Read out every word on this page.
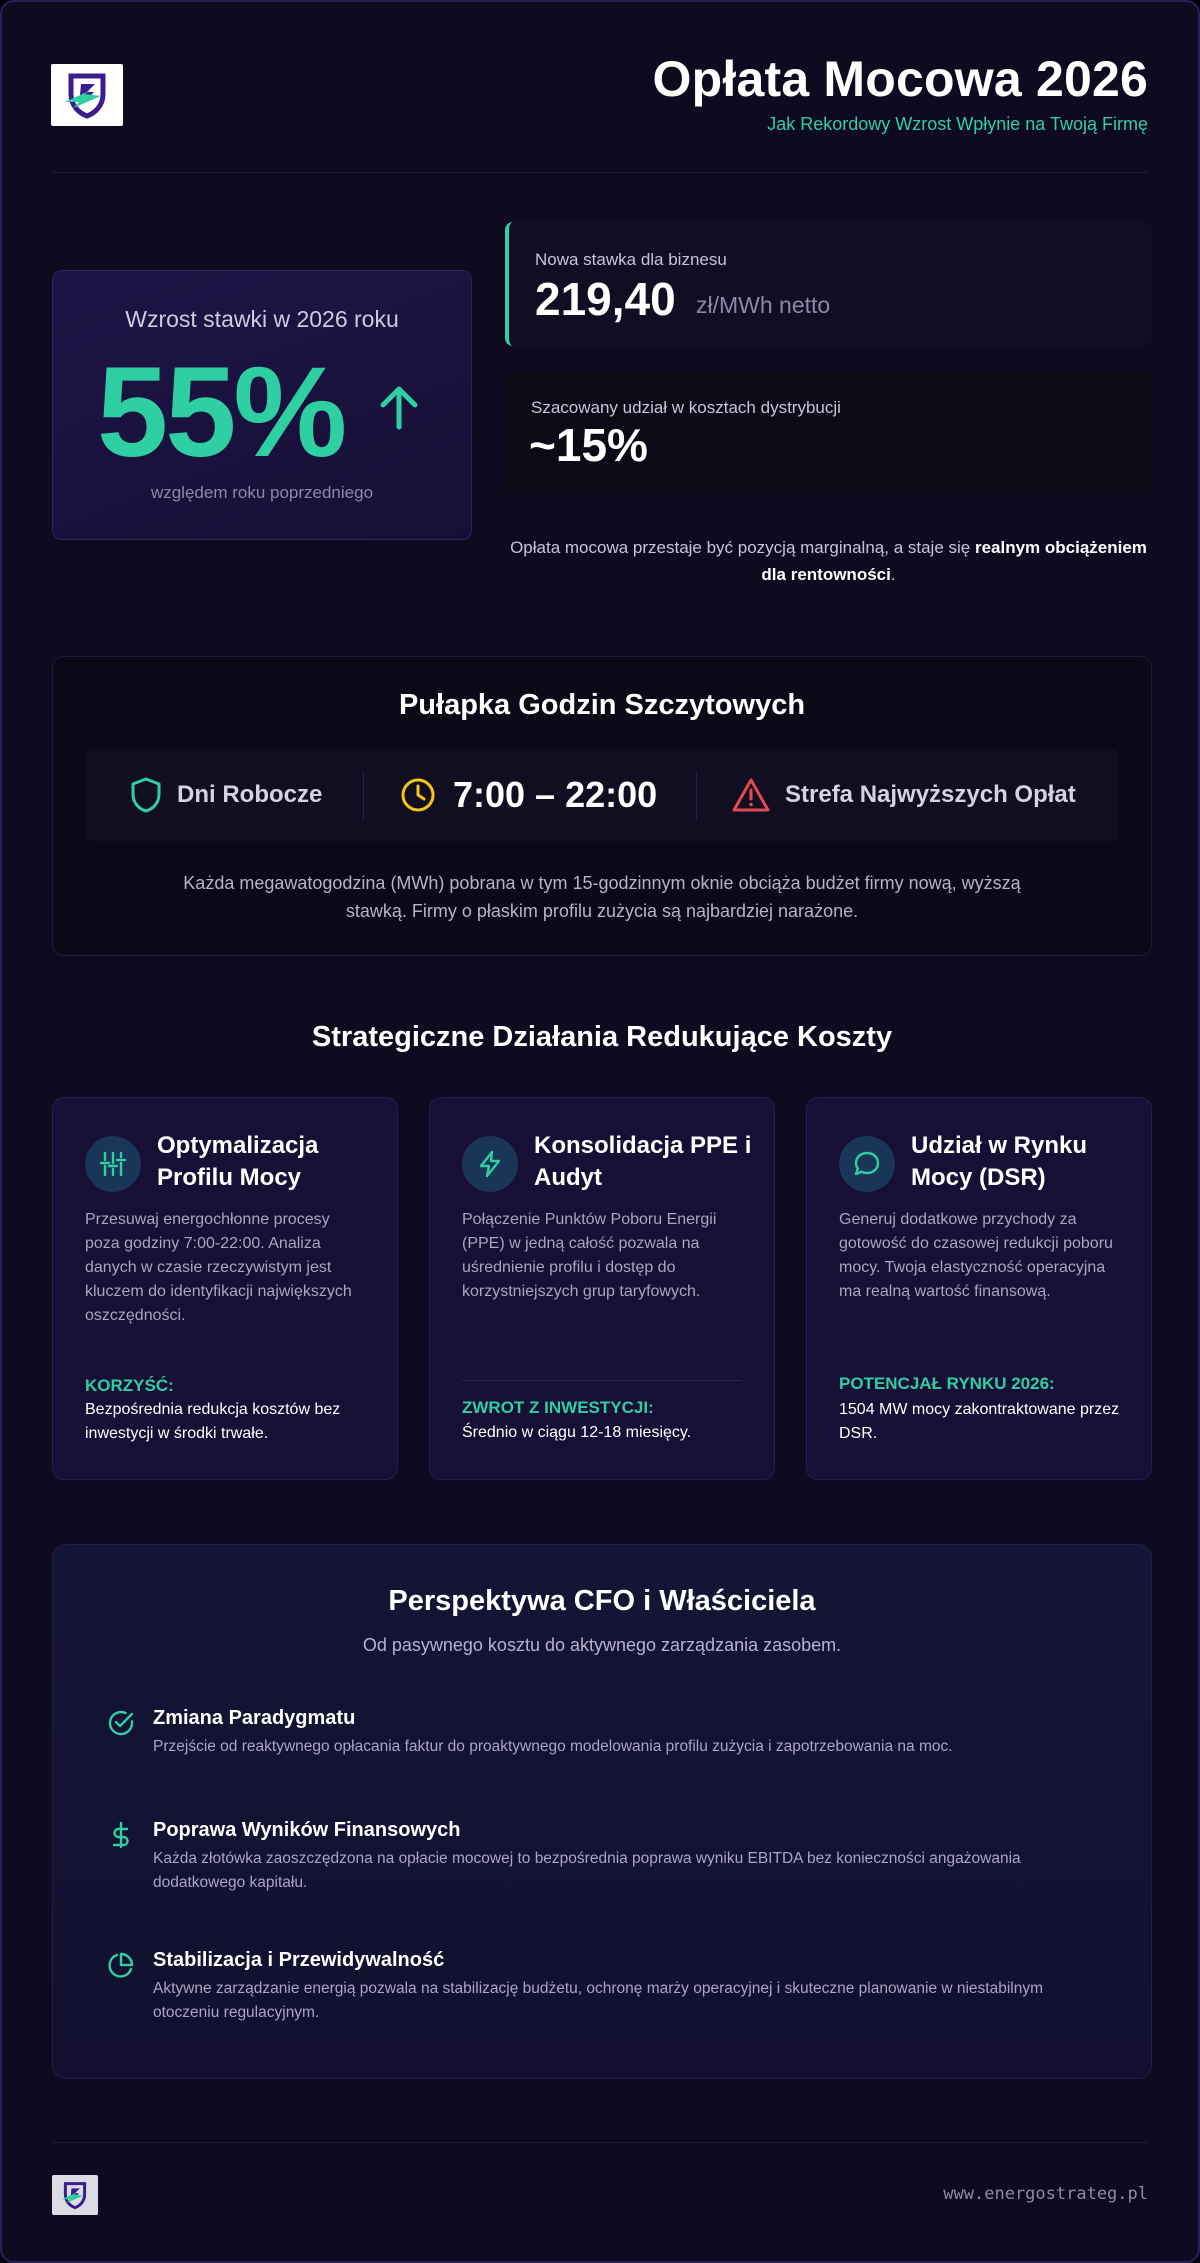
Opłata Mocowa 2026
Jak Rekordowy Wzrost Wpłynie na Twoją Firmę
Wzrost stawki w 2026 roku
55%
względem roku poprzedniego
Nowa stawka dla biznesu
219,40 zł/MWh netto
Szacowany udział w kosztach dystrybucji
~15%
Opłata mocowa przestaje być pozycją marginalną, a staje się realnym obciążeniem dla rentowności.
Pułapka Godzin Szczytowych
Dni Robocze	7:00 – 22:00	Strefa Najwyższych Opłat
Każda megawatogodzina (MWh) pobrana w tym 15-godzinnym oknie obciąża budżet firmy nową, wyższą stawką. Firmy o płaskim profilu zużycia są najbardziej narażone.
Strategiczne Działania Redukujące Koszty
Optymalizacja Profilu Mocy
Przesuwaj energochłonne procesy poza godziny 7:00-22:00. Analiza danych w czasie rzeczywistym jest kluczem do identyfikacji największych oszczędności.
KORZYŚĆ:
Bezpośrednia redukcja kosztów bez inwestycji w środki trwałe.
Konsolidacja PPE i Audyt
Połączenie Punktów Poboru Energii (PPE) w jedną całość pozwala na uśrednienie profilu i dostęp do korzystniejszych grup taryfowych.
ZWROT Z INWESTYCJI:
Średnio w ciągu 12-18 miesięcy.
Udział w Rynku Mocy (DSR)
Generuj dodatkowe przychody za gotowość do czasowej redukcji poboru mocy. Twoja elastyczność operacyjna ma realną wartość finansową.
POTENCJAŁ RYNKU 2026:
1504 MW mocy zakontraktowane przez DSR.
Perspektywa CFO i Właściciela
Od pasywnego kosztu do aktywnego zarządzania zasobem.
Zmiana Paradygmatu
Przejście od reaktywnego opłacania faktur do proaktywnego modelowania profilu zużycia i zapotrzebowania na moc.
Poprawa Wyników Finansowych
Każda złotówka zaoszczędzona na opłacie mocowej to bezpośrednia poprawa wyniku EBITDA bez konieczności angażowania dodatkowego kapitału.
Stabilizacja i Przewidywalność
Aktywne zarządzanie energią pozwala na stabilizację budżetu, ochronę marży operacyjnej i skuteczne planowanie w niestabilnym otoczeniu regulacyjnym.
www.energostrateg.pl
